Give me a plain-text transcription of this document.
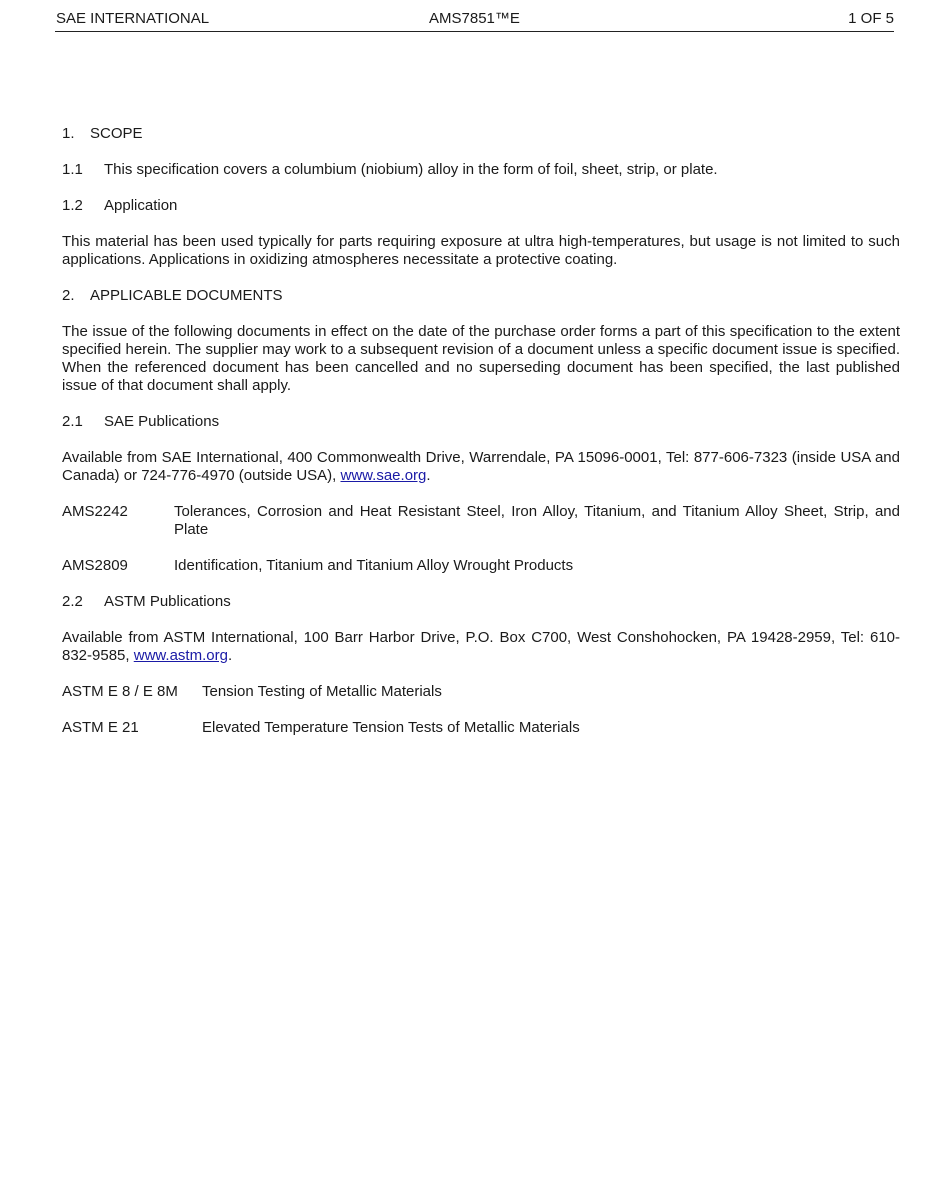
SAE INTERNATIONAL	AMS7851™E	1 OF 5

1. SCOPE

1.1 This specification covers a columbium (niobium) alloy in the form of foil, sheet, strip, or plate.

1.2 Application

This material has been used typically for parts requiring exposure at ultra high-temperatures, but usage is not limited to such applications. Applications in oxidizing atmospheres necessitate a protective coating.

2. APPLICABLE DOCUMENTS

The issue of the following documents in effect on the date of the purchase order forms a part of this specification to the extent specified herein. The supplier may work to a subsequent revision of a document unless a specific document issue is specified. When the referenced document has been cancelled and no superseding document has been specified, the last published issue of that document shall apply.

2.1 SAE Publications

Available from SAE International, 400 Commonwealth Drive, Warrendale, PA 15096-0001, Tel: 877-606-7323 (inside USA and Canada) or 724-776-4970 (outside USA), www.sae.org.

AMS2242	Tolerances, Corrosion and Heat Resistant Steel, Iron Alloy, Titanium, and Titanium Alloy Sheet, Strip, and Plate
AMS2809	Identification, Titanium and Titanium Alloy Wrought Products

2.2 ASTM Publications

Available from ASTM International, 100 Barr Harbor Drive, P.O. Box C700, West Conshohocken, PA 19428-2959, Tel: 610-832-9585, www.astm.org.

ASTM E 8 / E 8M	Tension Testing of Metallic Materials
ASTM E 21	Elevated Temperature Tension Tests of Metallic Materials
